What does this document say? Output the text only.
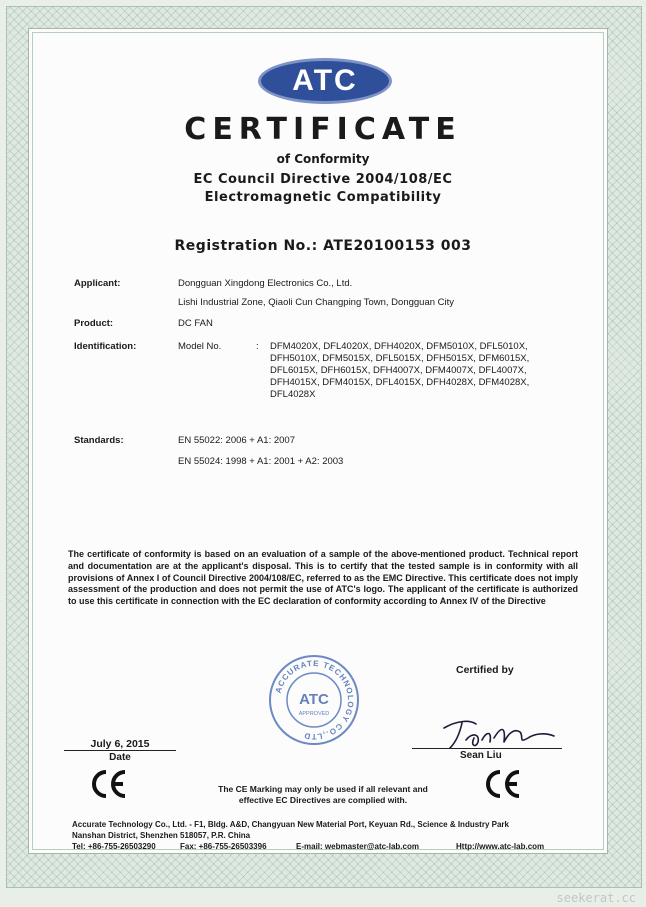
ATC
CERTIFICATE
of Conformity
EC Council Directive 2004/108/EC
Electromagnetic Compatibility
Registration No.: ATE20100153 003
Applicant:	Dongguan Xingdong Electronics Co., Ltd.
Lishi Industrial Zone, Qiaoli Cun Changping Town, Dongguan City
Product:	DC FAN
Identification:	Model No.	: DFM4020X, DFL4020X, DFH4020X, DFM5010X, DFL5010X,
DFH5010X, DFM5015X, DFL5015X, DFH5015X, DFM6015X,
DFL6015X, DFH6015X, DFH4007X, DFM4007X, DFL4007X,
DFH4015X, DFM4015X, DFL4015X, DFH4028X, DFM4028X,
DFL4028X
Standards:	EN 55022: 2006 + A1: 2007
EN 55024: 1998 + A1: 2001 + A2: 2003
The certificate of conformity is based on an evaluation of a sample of the above-mentioned product. Technical report and documentation are at the applicant's disposal. This is to certify that the tested sample is in conformity with all provisions of Annex I of Council Directive 2004/108/EC, referred to as the EMC Directive. This certificate does not imply assessment of the production and does not permit the use of ATC's logo. The applicant of the certificate is authorized to use this certificate in connection with the EC declaration of conformity according to Annex IV of the Directive
Certified by
ACCURATE TECHNOLOGY CO.,LTD
ATC
APPROVED
July 6, 2015
Date	Sean Liu
The CE Marking may only be used if all relevant and
effective EC Directives are complied with.
Accurate Technology Co., Ltd. - F1, Bldg. A&D, Changyuan New Material Port, Keyuan Rd., Science & Industry Park
Nanshan District, Shenzhen 518057, P.R. China
Tel: +86-755-26503290	Fax: +86-755-26503396	E-mail: webmaster@atc-lab.com	Http://www.atc-lab.com
seekerat.cc
